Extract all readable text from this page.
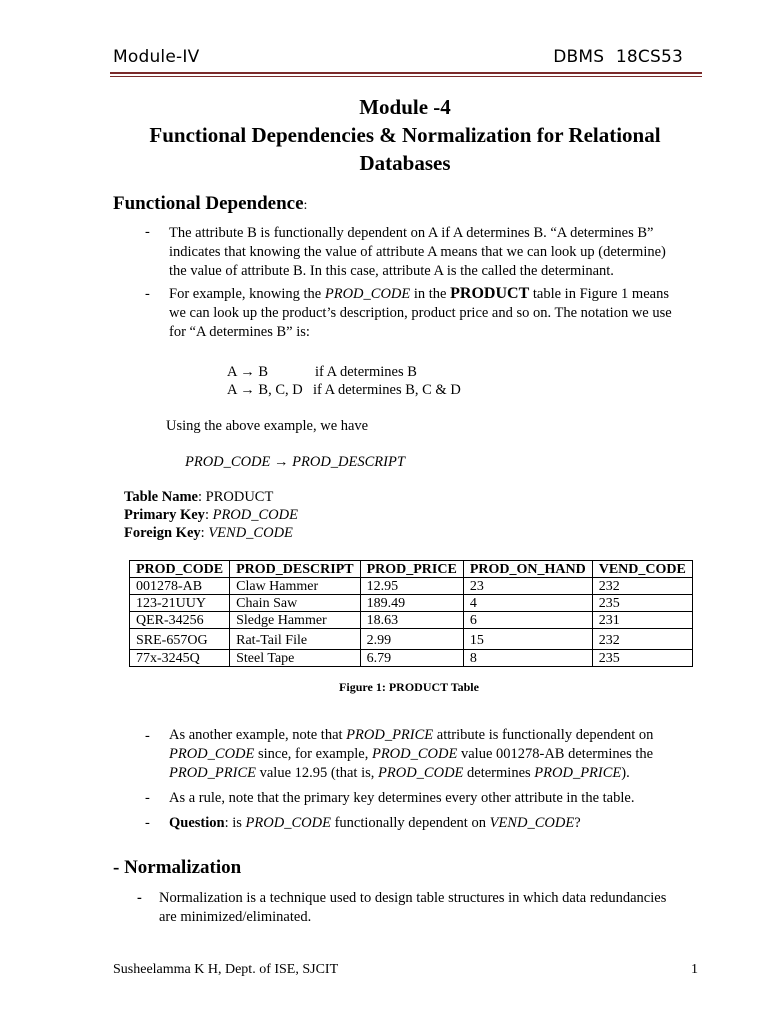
Module-IV	DBMS 18CS53
Module -4
Functional Dependencies & Normalization for Relational
Databases
Functional Dependence:
- The attribute B is functionally dependent on A if A determines B. “A determines B”
indicates that knowing the value of attribute A means that we can look up (determine)
the value of attribute B. In this case, attribute A is the called the determinant.
- For example, knowing the PROD_CODE in the PRODUCT table in Figure 1 means
we can look up the product’s description, product price and so on. The notation we use
for “A determines B” is:
A → B	if A determines B
A → B, C, D if A determines B, C & D
Using the above example, we have
PROD_CODE → PROD_DESCRIPT
Table Name: PRODUCT
Primary Key: PROD_CODE
Foreign Key: VEND_CODE
PROD_CODE	PROD_DESCRIPT	PROD_PRICE	PROD_ON_HAND	VEND_CODE
001278-AB	Claw Hammer	12.95	23	232
123-21UUY	Chain Saw	189.49	4	235
QER-34256	Sledge Hammer	18.63	6	231
SRE-657OG	Rat-Tail File	2.99	15	232
77x-3245Q	Steel Tape	6.79	8	235
Figure 1: PRODUCT Table
- As another example, note that PROD_PRICE attribute is functionally dependent on
PROD_CODE since, for example, PROD_CODE value 001278-AB determines the
PROD_PRICE value 12.95 (that is, PROD_CODE determines PROD_PRICE).
- As a rule, note that the primary key determines every other attribute in the table.
- Question: is PROD_CODE functionally dependent on VEND_CODE?
- Normalization
- Normalization is a technique used to design table structures in which data redundancies
are minimized/eliminated.
Susheelamma K H, Dept. of ISE, SJCIT	1
